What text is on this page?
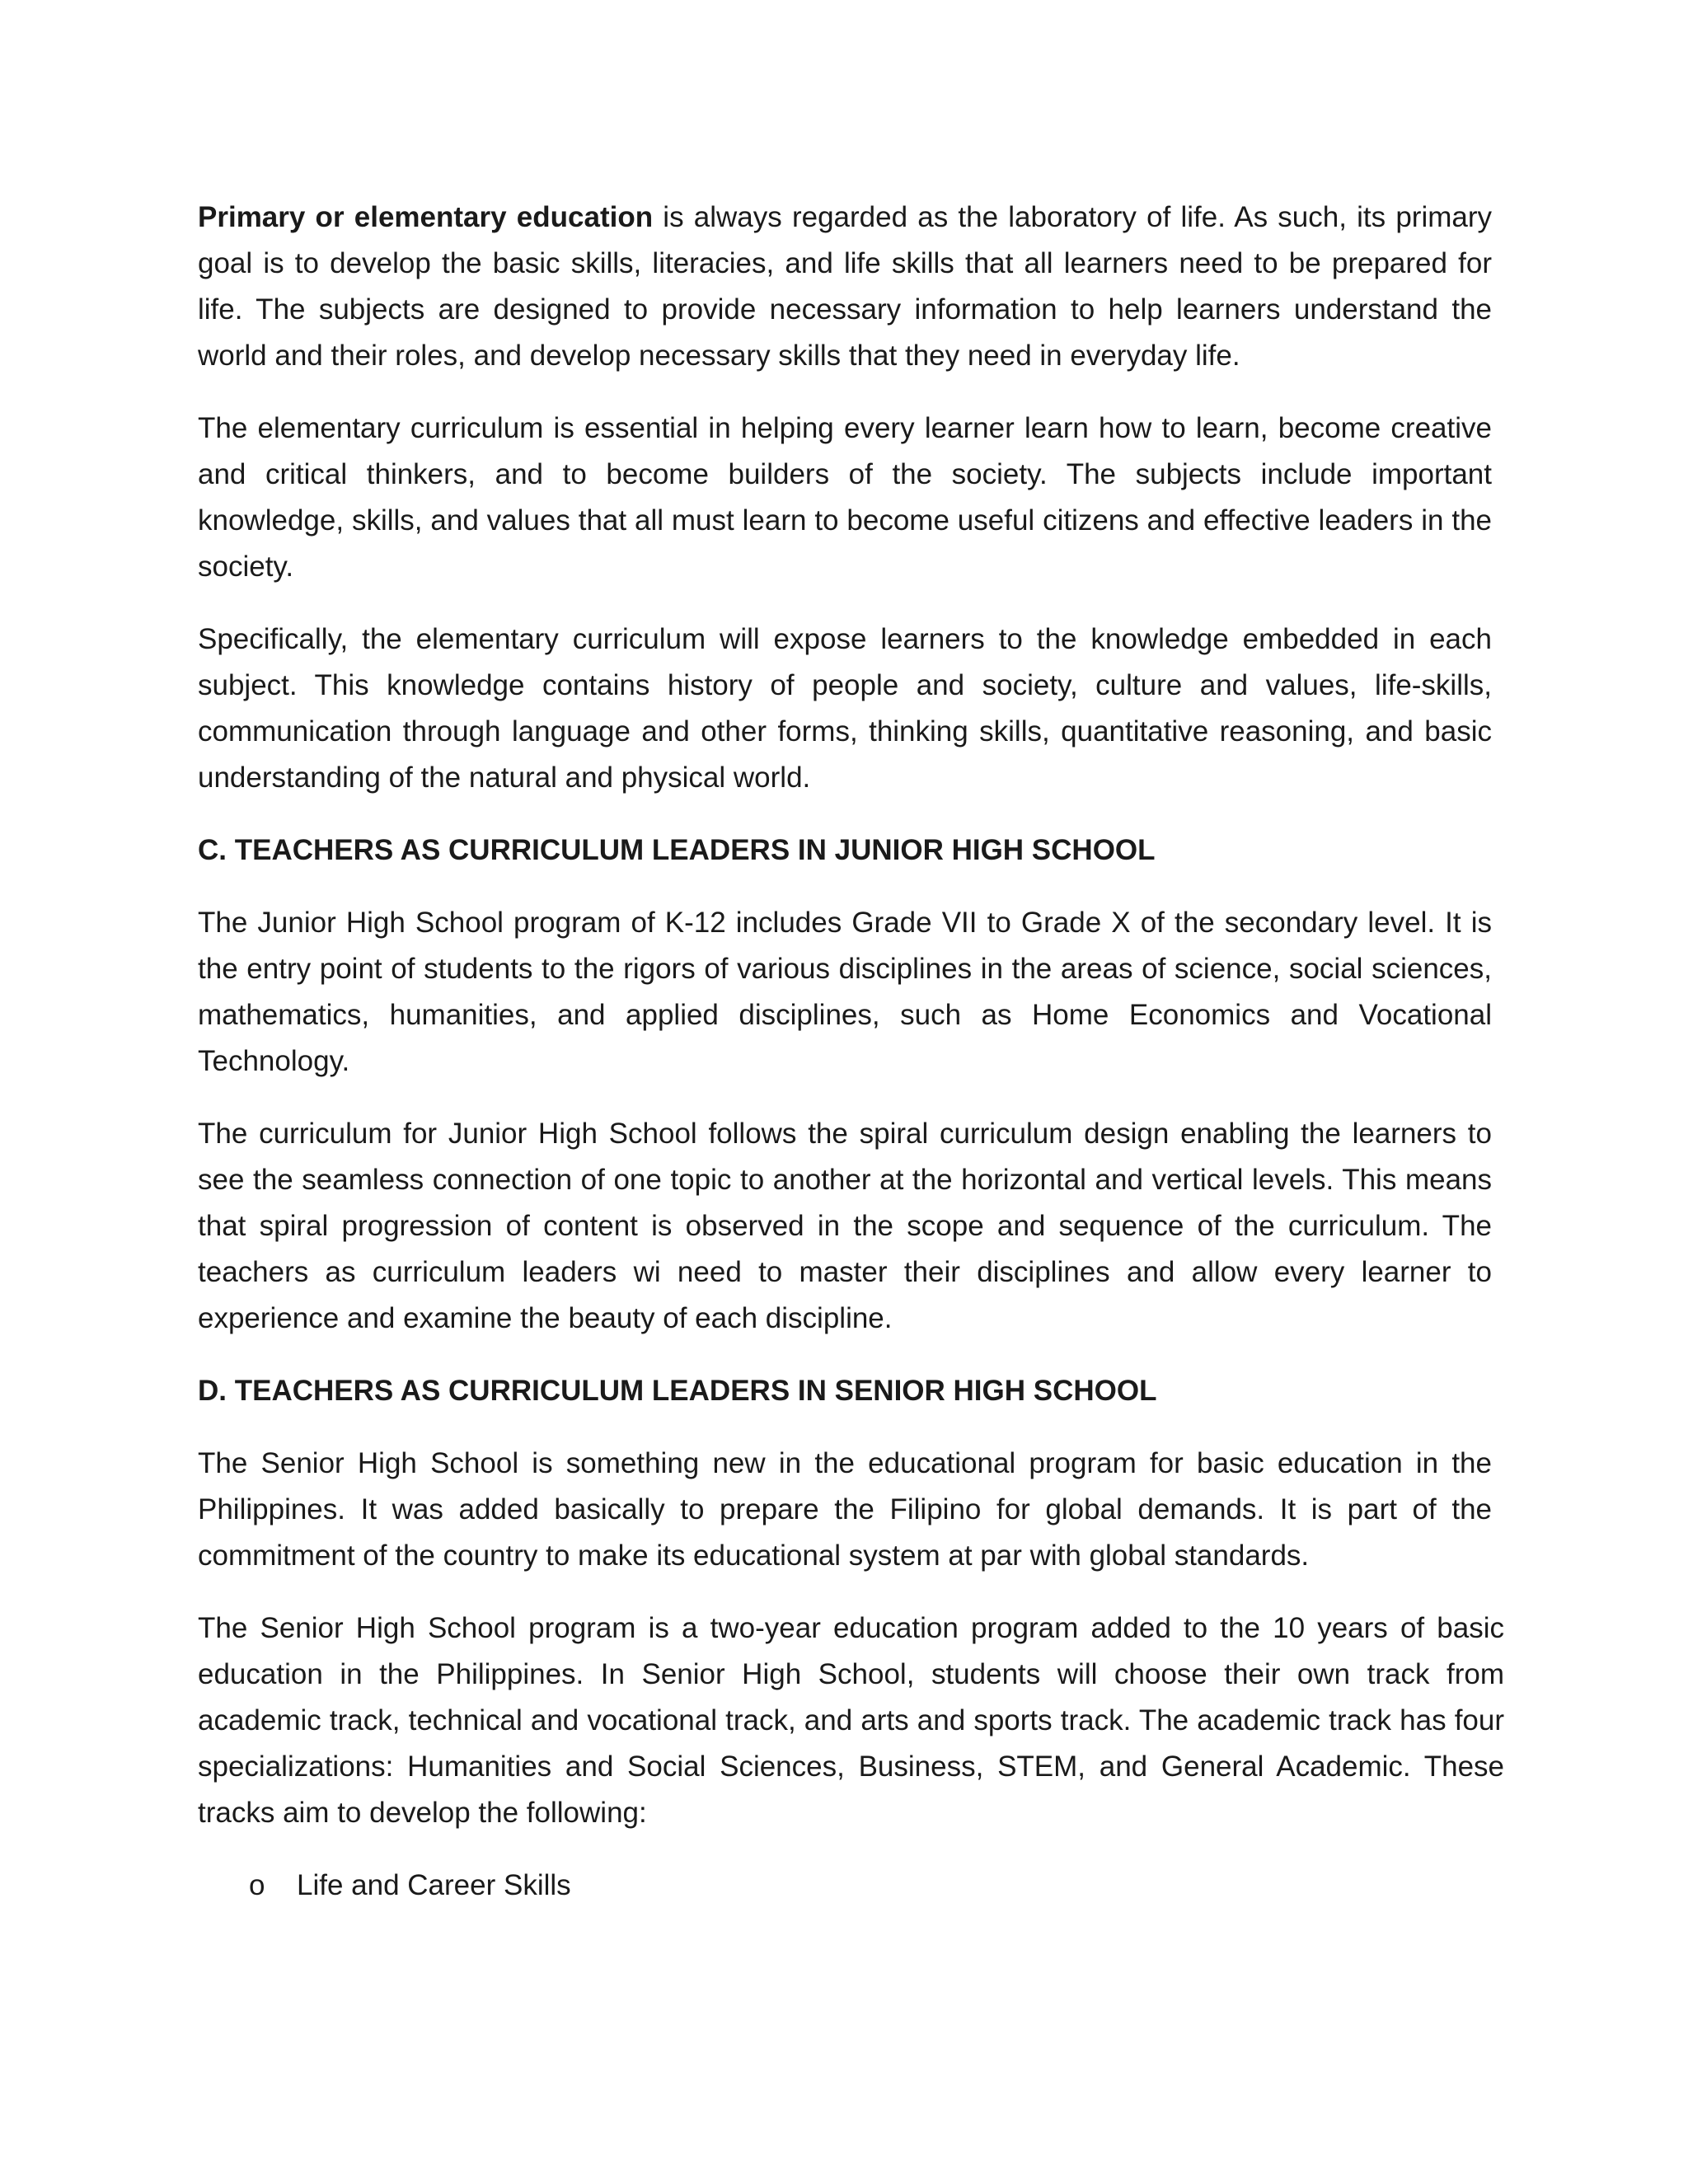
Primary or elementary education is always regarded as the laboratory of life. As such, its primary goal is to develop the basic skills, literacies, and life skills that all learners need to be prepared for life. The subjects are designed to provide necessary information to help learners understand the world and their roles, and develop necessary skills that they need in everyday life.

The elementary curriculum is essential in helping every learner learn how to learn, become creative and critical thinkers, and to become builders of the society. The subjects include important knowledge, skills, and values that all must learn to become useful citizens and effective leaders in the society.

Specifically, the elementary curriculum will expose learners to the knowledge embedded in each subject. This knowledge contains history of people and society, culture and values, life-skills, communication through language and other forms, thinking skills, quantitative reasoning, and basic understanding of the natural and physical world.

C. TEACHERS AS CURRICULUM LEADERS IN JUNIOR HIGH SCHOOL

The Junior High School program of K-12 includes Grade VII to Grade X of the secondary level. It is the entry point of students to the rigors of various disciplines in the areas of science, social sciences, mathematics, humanities, and applied disciplines, such as Home Economics and Vocational Technology.

The curriculum for Junior High School follows the spiral curriculum design enabling the learners to see the seamless connection of one topic to another at the horizontal and vertical levels. This means that spiral progression of content is observed in the scope and sequence of the curriculum. The teachers as curriculum leaders wi need to master their disciplines and allow every learner to experience and examine the beauty of each discipline.

D. TEACHERS AS CURRICULUM LEADERS IN SENIOR HIGH SCHOOL

The Senior High School is something new in the educational program for basic education in the Philippines. It was added basically to prepare the Filipino for global demands. It is part of the commitment of the country to make its educational system at par with global standards.

The Senior High School program is a two-year education program added to the 10 years of basic education in the Philippines. In Senior High School, students will choose their own track from academic track, technical and vocational track, and arts and sports track. The academic track has four specializations: Humanities and Social Sciences, Business, STEM, and General Academic. These tracks aim to develop the following:

o Life and Career Skills
